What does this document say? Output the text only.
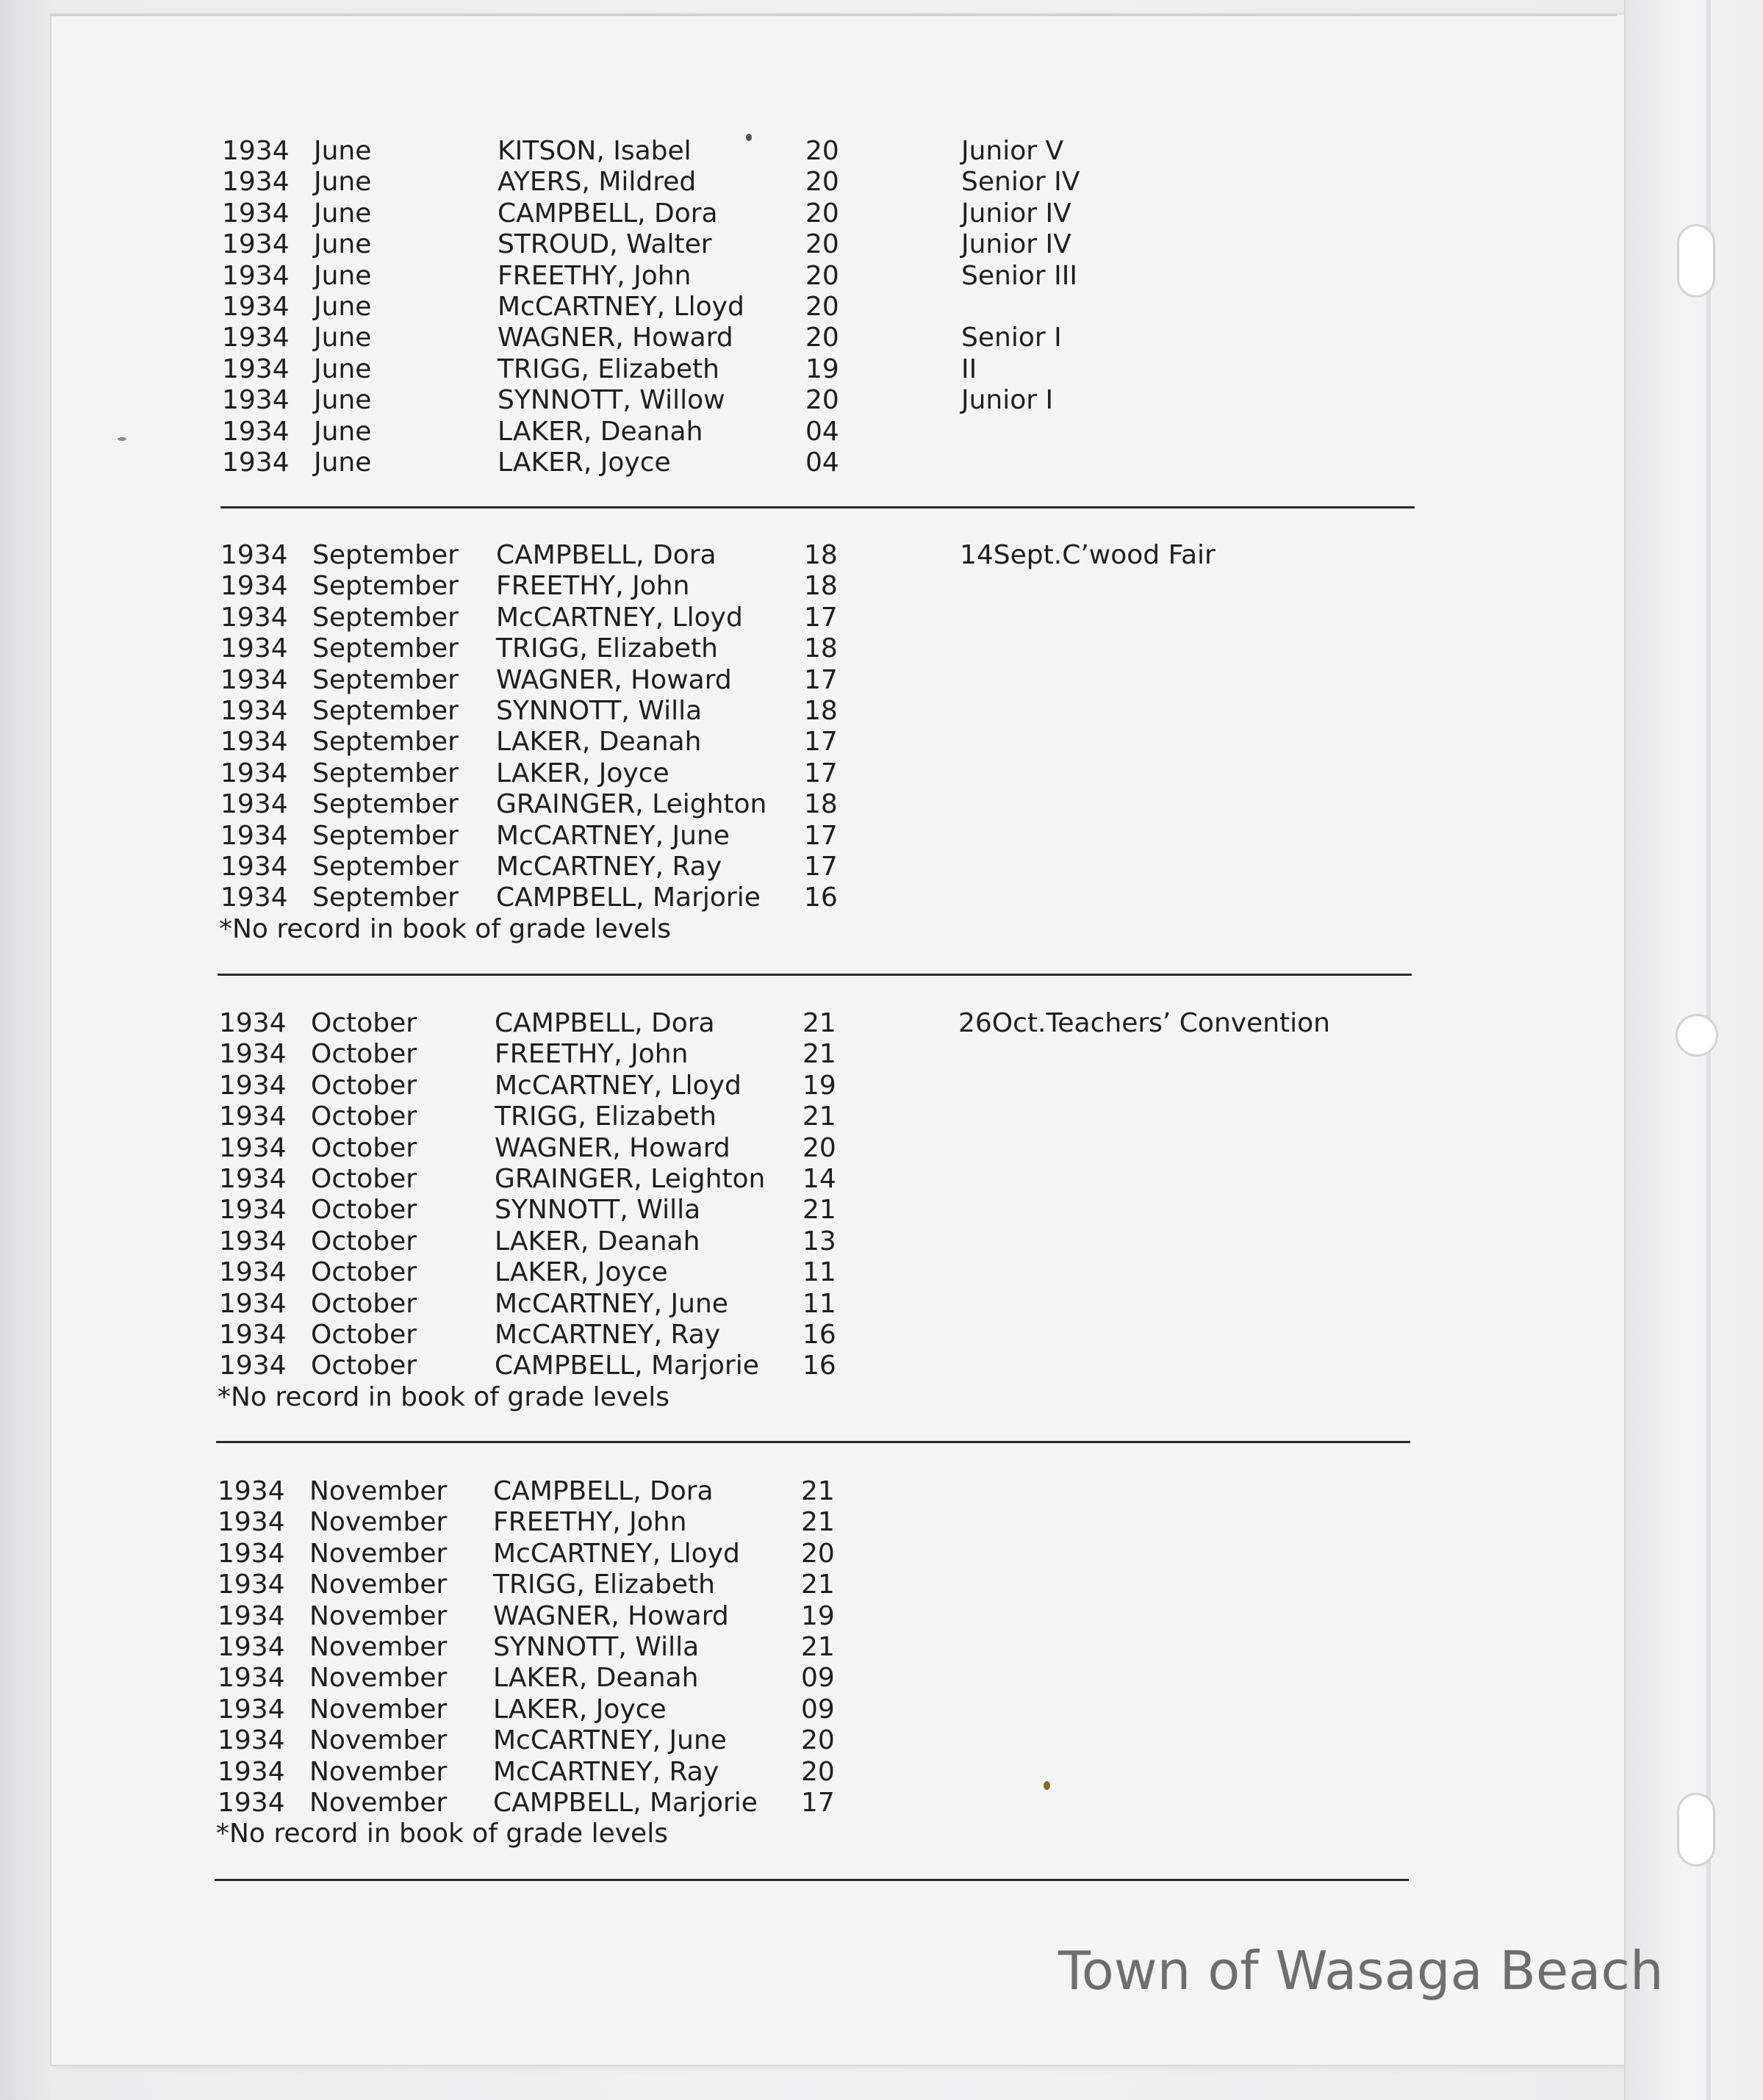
1934 June	KITSON, Isabel	20	Junior V
1934 June	AYERS, Mildred	20	Senior IV
1934 June	CAMPBELL, Dora	20	Junior IV
1934 June	STROUD, Walter	20	Junior IV
1934 June	FREETHY, John	20	Senior III
1934 June	McCARTNEY, Lloyd 20
1934 June	WAGNER, Howard	20	Senior I
1934 June	TRIGG, Elizabeth	19	II
1934 June	SYNNOTT, Willow	20	Junior I
1934 June	LAKER, Deanah	04
1934 June	LAKER, Joyce	04
1934 September CAMPBELL, Dora	18	14Sept.C’wood Fair
1934 September FREETHY, John	18
1934 September McCARTNEY, Lloyd 17
1934 September TRIGG, Elizabeth	18
1934 September WAGNER, Howard	17
1934 September SYNNOTT, Willa	18
1934 September LAKER, Deanah	17
1934 September LAKER, Joyce	17
1934 September GRAINGER, Leighton 18
1934 September McCARTNEY, June	17
1934 September McCARTNEY, Ray	17
1934 September CAMPBELL, Marjorie 16
*No record in book of grade levels
1934 October	CAMPBELL, Dora	21	26Oct.Teachers’ Convention
1934 October	FREETHY, John	21
1934 October	McCARTNEY, Lloyd 19
1934 October	TRIGG, Elizabeth	21
1934 October	WAGNER, Howard	20
1934 October	GRAINGER, Leighton 14
1934 October	SYNNOTT, Willa	21
1934 October	LAKER, Deanah	13
1934 October	LAKER, Joyce	11
1934 October	McCARTNEY, June	11
1934 October	McCARTNEY, Ray	16
1934 October	CAMPBELL, Marjorie 16
*No record in book of grade levels
1934 November CAMPBELL, Dora	21
1934 November FREETHY, John	21
1934 November McCARTNEY, Lloyd 20
1934 November TRIGG, Elizabeth	21
1934 November WAGNER, Howard	19
1934 November SYNNOTT, Willa	21
1934 November LAKER, Deanah	09
1934 November LAKER, Joyce	09
1934 November McCARTNEY, June	20
1934 November McCARTNEY, Ray	20
1934 November CAMPBELL, Marjorie 17
*No record in book of grade levels
Town of Wasaga Beach
